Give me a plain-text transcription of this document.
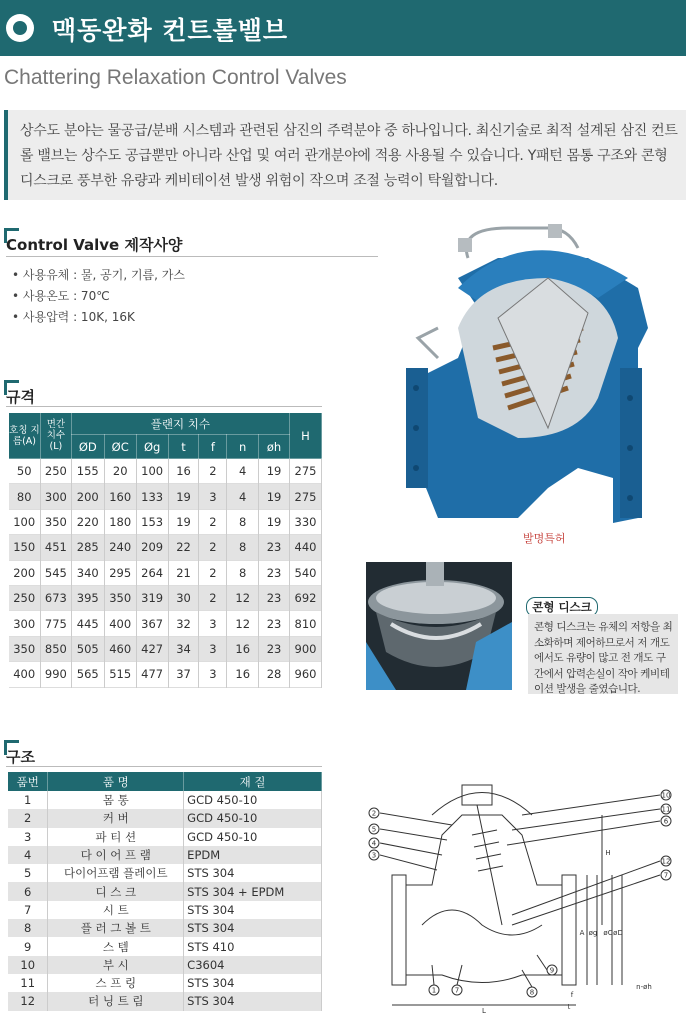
맥동완화 컨트롤밸브
Chattering Relaxation Control Valves
상수도 분야는 물공급/분배 시스템과 관련된 삼진의 주력분야 중 하나입니다. 최신기술로 최적 설계된 삼진 컨트롤 밸브는 상수도 공급뿐만 아니라 산업 및 여러 관개분야에 적용 사용될 수 있습니다. Y패턴 몸통 구조와 콘형디스크로 풍부한 유량과 케비테이션 발생 위험이 작으며 조절 능력이 탁월합니다.
Control Valve 제작사양
• 사용유체 : 물, 공기, 기름, 가스
• 사용온도 : 70℃
• 사용압력 : 10K, 16K
규격
호칭 지름(A)	면간 치수(L)	플랜지 치수							H
		ØD	ØC	Øg	t	f	n	øh	
50	250	155	20	100	16	2	4	19	275
80	300	200	160	133	19	3	4	19	275
100	350	220	180	153	19	2	8	19	330
150	451	285	240	209	22	2	8	23	440
200	545	340	295	264	21	2	8	23	540
250	673	395	350	319	30	2	12	23	692
300	775	445	400	367	32	3	12	23	810
350	850	505	460	427	34	3	16	23	900
400	990	565	515	477	37	3	16	28	960
발명특허
콘형 디스크
콘형 디스크는 유체의 저항을 최소화하며 제어하므로서 저 개도에서도 유량이 많고 전 개도 구간에서 압력손실이 작아 케비테이션 발생을 줄였습니다.
구조
품번	품 명	재 질
1	몸 통	GCD 450-10
2	커 버	GCD 450-10
3	파 티 션	GCD 450-10
4	다 이 어 프 램	EPDM
5	다이어프램 플레이트	STS 304
6	디 스 크	STS 304 + EPDM
7	시 트	STS 304
8	플 러 그 볼 트	STS 304
9	스 템	STS 410
10	부 시	C3604
11	스 프 링	STS 304
12	터 닝 트 림	STS 304
2
5
4
3
10
11
6
12
7
1	7	8
9
H
L
A øg øC øD
f
n-øh
t
